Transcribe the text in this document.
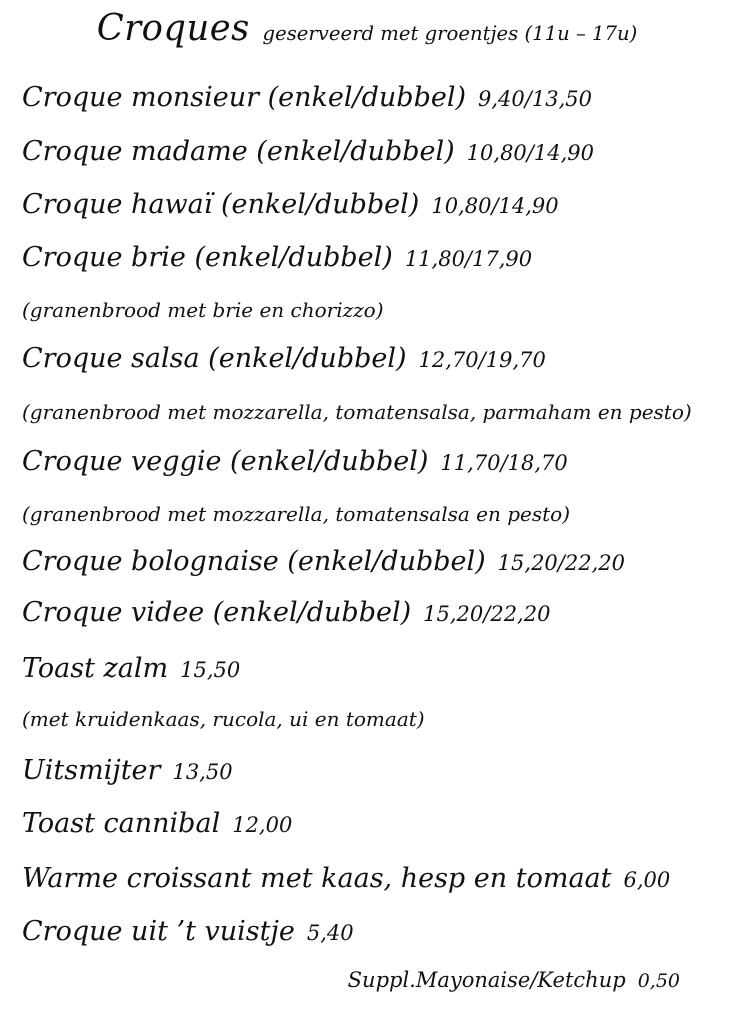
Croques geserveerd met groentjes (11u – 17u)
Croque monsieur (enkel/dubbel) 9,40/13,50
Croque madame (enkel/dubbel) 10,80/14,90
Croque hawaï (enkel/dubbel) 10,80/14,90
Croque brie (enkel/dubbel) 11,80/17,90
(granenbrood met brie en chorizzo)
Croque salsa (enkel/dubbel) 12,70/19,70
(granenbrood met mozzarella, tomatensalsa, parmaham en pesto)
Croque veggie (enkel/dubbel) 11,70/18,70
(granenbrood met mozzarella, tomatensalsa en pesto)
Croque bolognaise (enkel/dubbel) 15,20/22,20
Croque videe (enkel/dubbel) 15,20/22,20
Toast zalm 15,50
(met kruidenkaas, rucola, ui en tomaat)
Uitsmijter 13,50
Toast cannibal 12,00
Warme croissant met kaas, hesp en tomaat 6,00
Croque uit ’t vuistje 5,40
Suppl.Mayonaise/Ketchup 0,50
